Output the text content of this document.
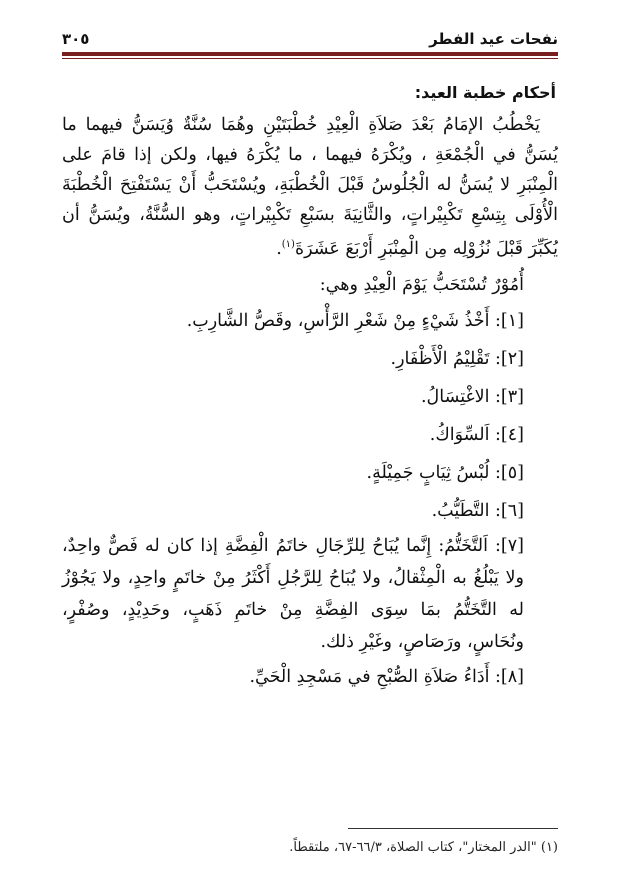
نفحات عيد الفطر
٣٠٥
أحكام خطبة العيد:

يَخْطُبُ الإمَامُ بَعْدَ صَلاَةِ الْعِيْدِ خُطْبَتَيْنِ وهُمَا سُنَّةٌ وُيَسَنُّ فيهما ما يُسَنُّ في الْجُمْعَةِ ، ويُكْرَهُ فيهما ، ما يُكْرَهُ فيها، ولكن إذا قامَ على الْمِنْبَرِ لا يُسَنُّ له الْجُلُوسُ قَبْلَ الْخُطْبَةِ، ويُسْتَحَبُّ أَنْ يَسْتَفْتِحَ الْخُطْبَةَ الْأُوْلَى بِتِسْعِ تَكْبِيْراتٍ، والثَّانِيَةَ بسَبْعِ تَكْبِيْراتٍ، وهو السُّنَّةُ، ويُسَنُّ أن يُكَبِّرَ قَبْلَ نُزُوْلِه مِن الْمِنْبَرِ أَرْبَعَ عَشَرَةَ$^{(١)}$.

أُمُوْرٌ تُسْتَحَبُّ يَوْمَ الْعِيْدِ وهي:

[١]: أَخْذُ شَيْءٍ مِنْ شَعْرِ الرَّأْسِ، وقَصُّ الشَّارِبِ.

[٢]: تَقْلِيْمُ الْأَظْفَارِ.

[٣]: الاغْتِسَالُ.

[٤]: اَلسِّوَاكُ.

[٥]: لُبْسُ ثِيَابٍ جَمِيْلَةٍ.

[٦]: التَّطَيُّبُ.

[٧]: اَلتَّخَتُّمُ: إِنَّما يُبَاحُ لِلرِّجَالِ خاتَمُ الْفِضَّةِ إذا كان له فَصٌّ واحِدٌ، ولا يَبْلُغُ به الْمِثْقالُ، ولا يُبَاحُ لِلرَّجُلِ أَكْثَرُ مِنْ خاتَمٍ واحِدٍ، ولا يَجُوْزُ له التَّخَتُّمُ بمَا سِوَى الفِضَّةِ مِنْ خاتَمِ ذَهَبٍ، وحَدِيْدٍ، وصُفْرٍ، ونُحَاسٍ، ورَصَاصٍ، وغَيْرِ ذلك.

[٨]: أَدَاءُ صَلاَةِ الصُّبْحِ في مَسْجِدِ الْحَيِّ.

(١) "الدر المختار"، كتاب الصلاة، ٦٦/٣-٦٧، ملتقطاً.
